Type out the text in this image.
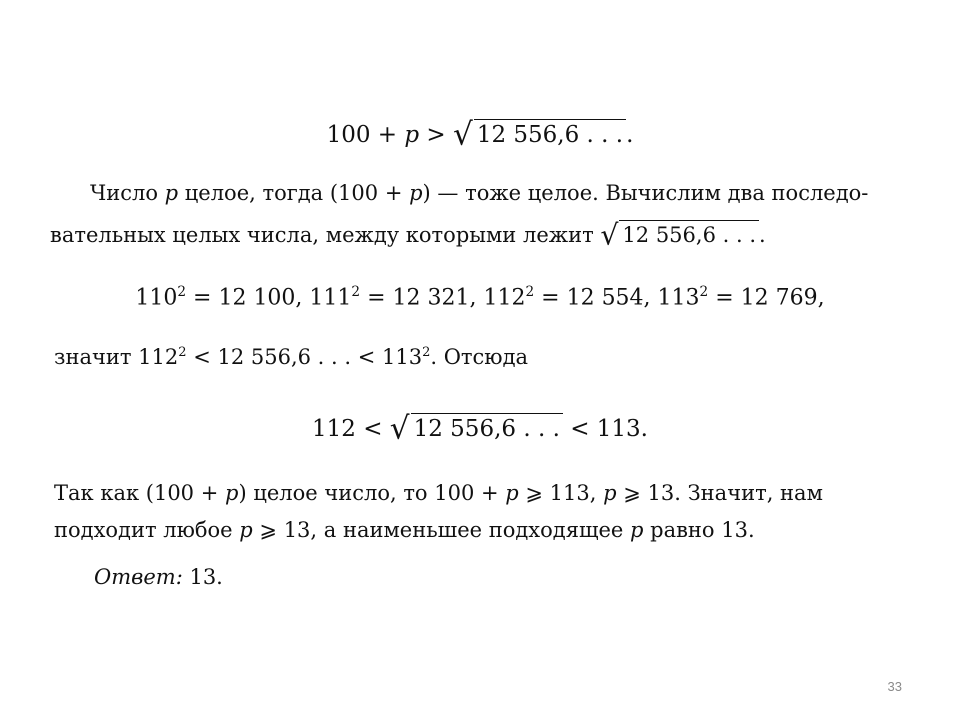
100 + p > √ 12 556,6 . . . .
Число p целое, тогда (100 + p) — тоже целое. Вычислим два последо-
вательных целых числа, между которыми лежит √ 12 556,6 . . . .
$110^2 = 12$ 100, $111^2 = 12$ 321, $112^2 = 12$ 554, $113^2 = 12$ 769,
значит $112^2 < 12$ 556,6 . . . < $113^2$. Отсюда
112 < √ 12 556,6 . . . < 113.
Так как (100 + p) целое число, то 100 + p ⩾ 113, p ⩾ 13. Значит, нам
подходит любое p ⩾ 13, а наименьшее подходящее p равно 13.
Ответ: 13.
33
